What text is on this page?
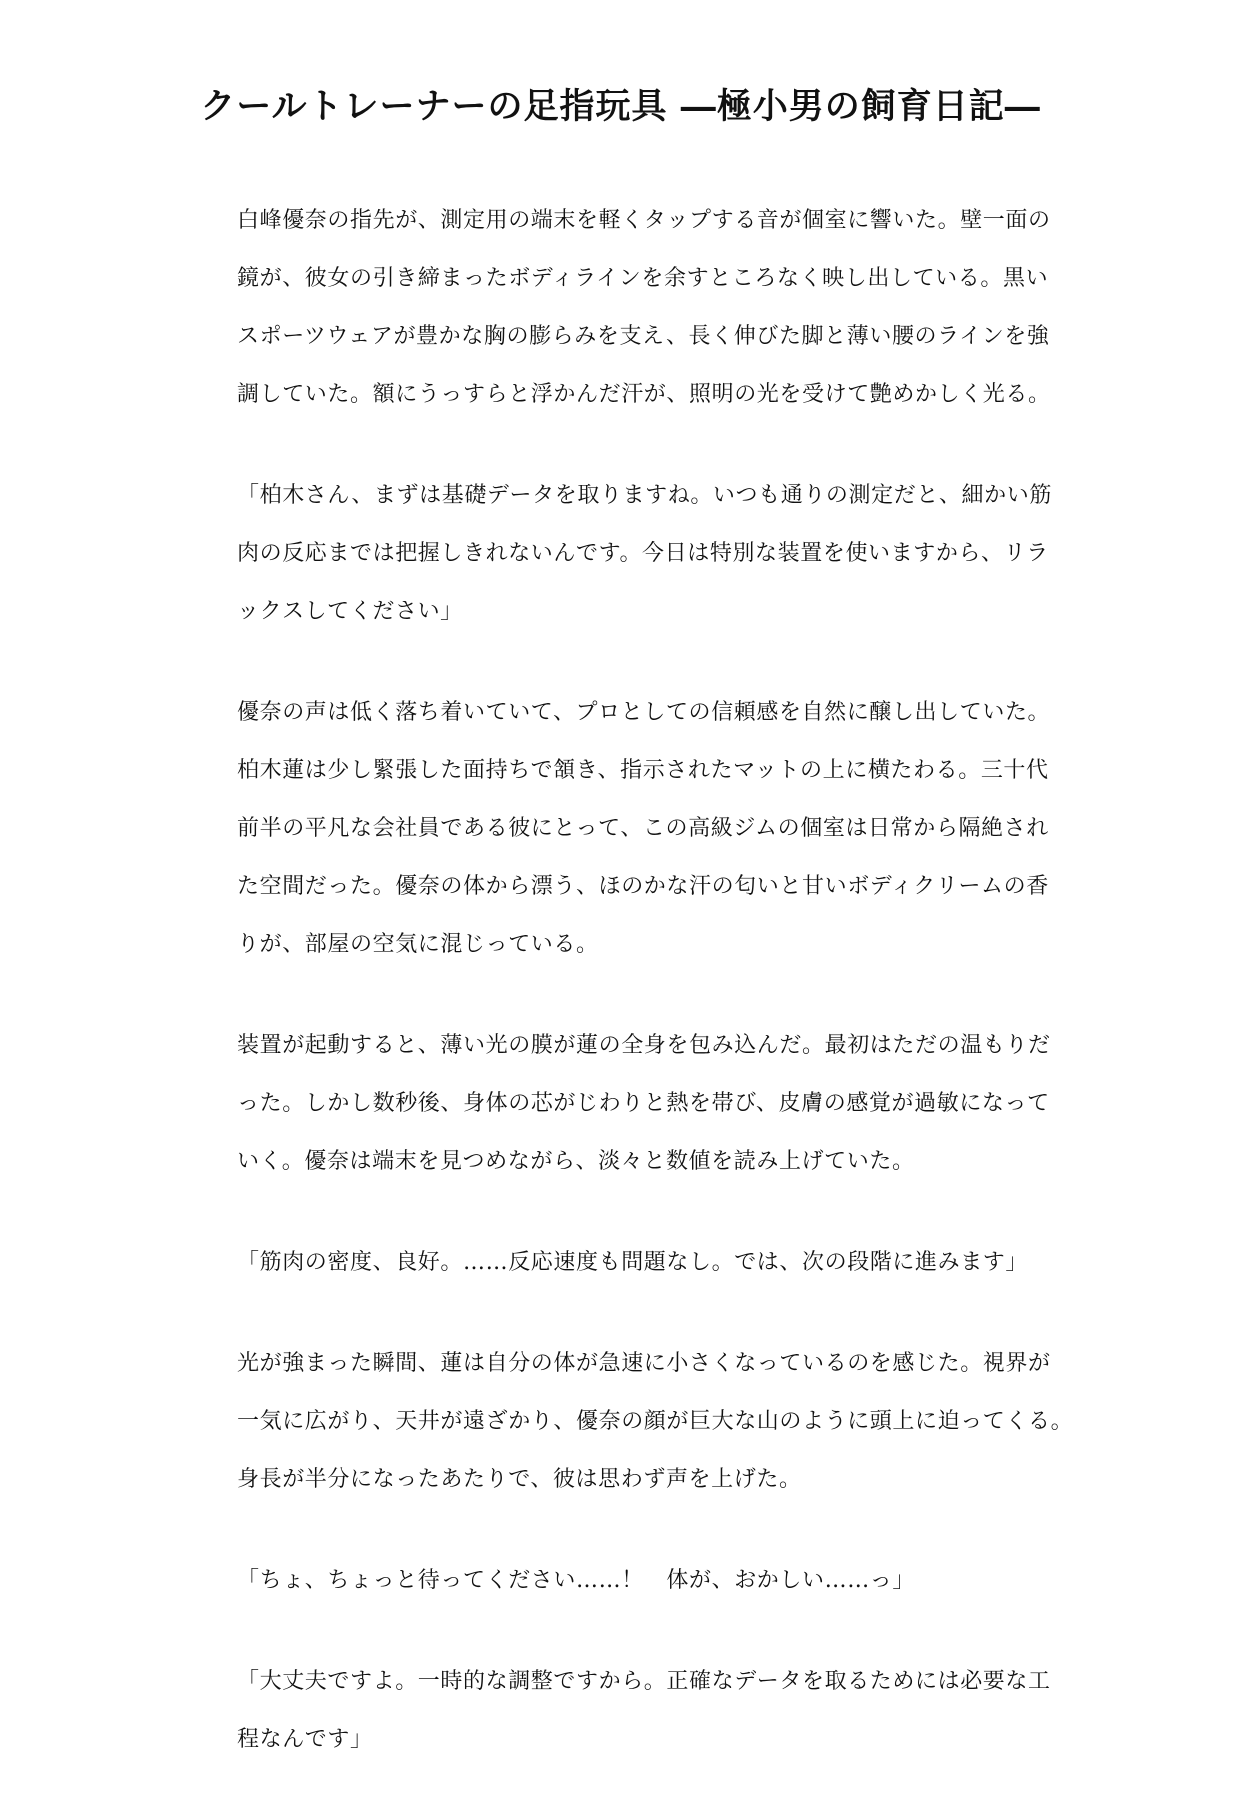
クールトレーナーの足指玩具 ―極小男の飼育日記―

白峰優奈の指先が、測定用の端末を軽くタップする音が個室に響いた。壁一面の
鏡が、彼女の引き締まったボディラインを余すところなく映し出している。黒い
スポーツウェアが豊かな胸の膨らみを支え、長く伸びた脚と薄い腰のラインを強
調していた。額にうっすらと浮かんだ汗が、照明の光を受けて艶めかしく光る。

「柏木さん、まずは基礎データを取りますね。いつも通りの測定だと、細かい筋
肉の反応までは把握しきれないんです。今日は特別な装置を使いますから、リラ
ックスしてください」

優奈の声は低く落ち着いていて、プロとしての信頼感を自然に醸し出していた。
柏木蓮は少し緊張した面持ちで頷き、指示されたマットの上に横たわる。三十代
前半の平凡な会社員である彼にとって、この高級ジムの個室は日常から隔絶され
た空間だった。優奈の体から漂う、ほのかな汗の匂いと甘いボディクリームの香
りが、部屋の空気に混じっている。

装置が起動すると、薄い光の膜が蓮の全身を包み込んだ。最初はただの温もりだ
った。しかし数秒後、身体の芯がじわりと熱を帯び、皮膚の感覚が過敏になって
いく。優奈は端末を見つめながら、淡々と数値を読み上げていた。

「筋肉の密度、良好。……反応速度も問題なし。では、次の段階に進みます」

光が強まった瞬間、蓮は自分の体が急速に小さくなっているのを感じた。視界が
一気に広がり、天井が遠ざかり、優奈の顔が巨大な山のように頭上に迫ってくる。
身長が半分になったあたりで、彼は思わず声を上げた。

「ちょ、ちょっと待ってください……！　体が、おかしい……っ」

「大丈夫ですよ。一時的な調整ですから。正確なデータを取るためには必要な工
程なんです」
